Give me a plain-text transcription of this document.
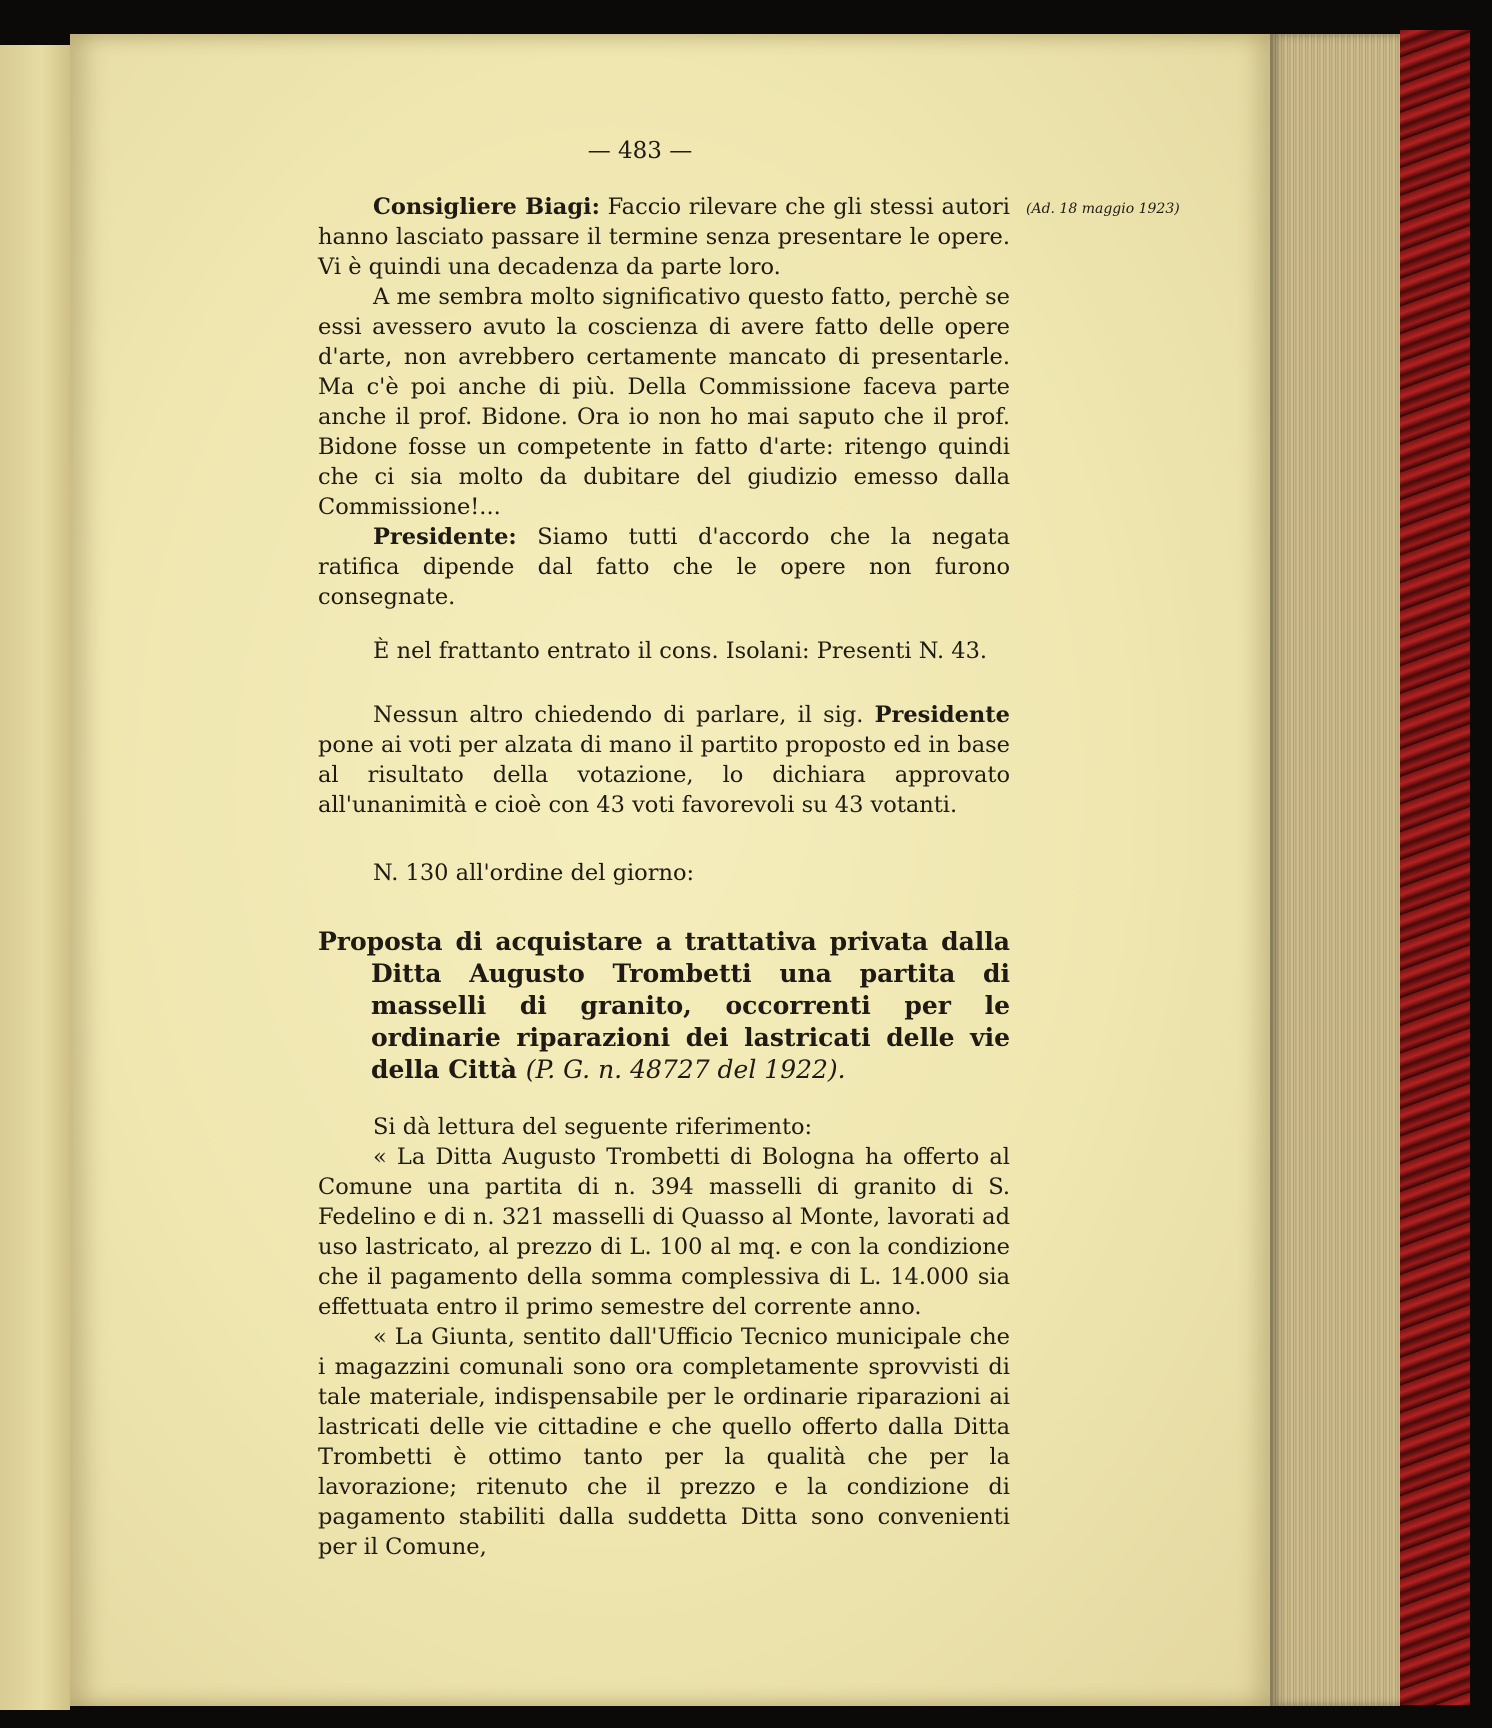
— 483 —
(Ad. 18 maggio 1923)

Consigliere Biagi: Faccio rilevare che gli stessi autori hanno lasciato passare il termine senza presentare le opere. Vi è quindi una decadenza da parte loro.

A me sembra molto significativo questo fatto, perchè se essi avessero avuto la coscienza di avere fatto delle opere d'arte, non avrebbero certamente mancato di presentarle. Ma c'è poi anche di più. Della Commissione faceva parte anche il prof. Bidone. Ora io non ho mai saputo che il prof. Bidone fosse un competente in fatto d'arte: ritengo quindi che ci sia molto da dubitare del giudizio emesso dalla Commissione!...

Presidente: Siamo tutti d'accordo che la negata ratifica dipende dal fatto che le opere non furono consegnate.

È nel frattanto entrato il cons. Isolani: Presenti N. 43.

Nessun altro chiedendo di parlare, il sig. Presidente pone ai voti per alzata di mano il partito proposto ed in base al risultato della votazione, lo dichiara approvato all'unanimità e cioè con 43 voti favorevoli su 43 votanti.

N. 130 all'ordine del giorno:

Proposta di acquistare a trattativa privata dalla Ditta Augusto Trombetti una partita di masselli di granito, occorrenti per le ordinarie riparazioni dei lastricati delle vie della Città (P. G. n. 48727 del 1922).

Si dà lettura del seguente riferimento:

« La Ditta Augusto Trombetti di Bologna ha offerto al Comune una partita di n. 394 masselli di granito di S. Fedelino e di n. 321 masselli di Quasso al Monte, lavorati ad uso lastricato, al prezzo di L. 100 al mq. e con la condizione che il pagamento della somma complessiva di L. 14.000 sia effettuata entro il primo semestre del corrente anno.

« La Giunta, sentito dall'Ufficio Tecnico municipale che i magazzini comunali sono ora completamente sprovvisti di tale materiale, indispensabile per le ordinarie riparazioni ai lastricati delle vie cittadine e che quello offerto dalla Ditta Trombetti è ottimo tanto per la qualità che per la lavorazione; ritenuto che il prezzo e la condizione di pagamento stabiliti dalla suddetta Ditta sono convenienti per il Comune,
